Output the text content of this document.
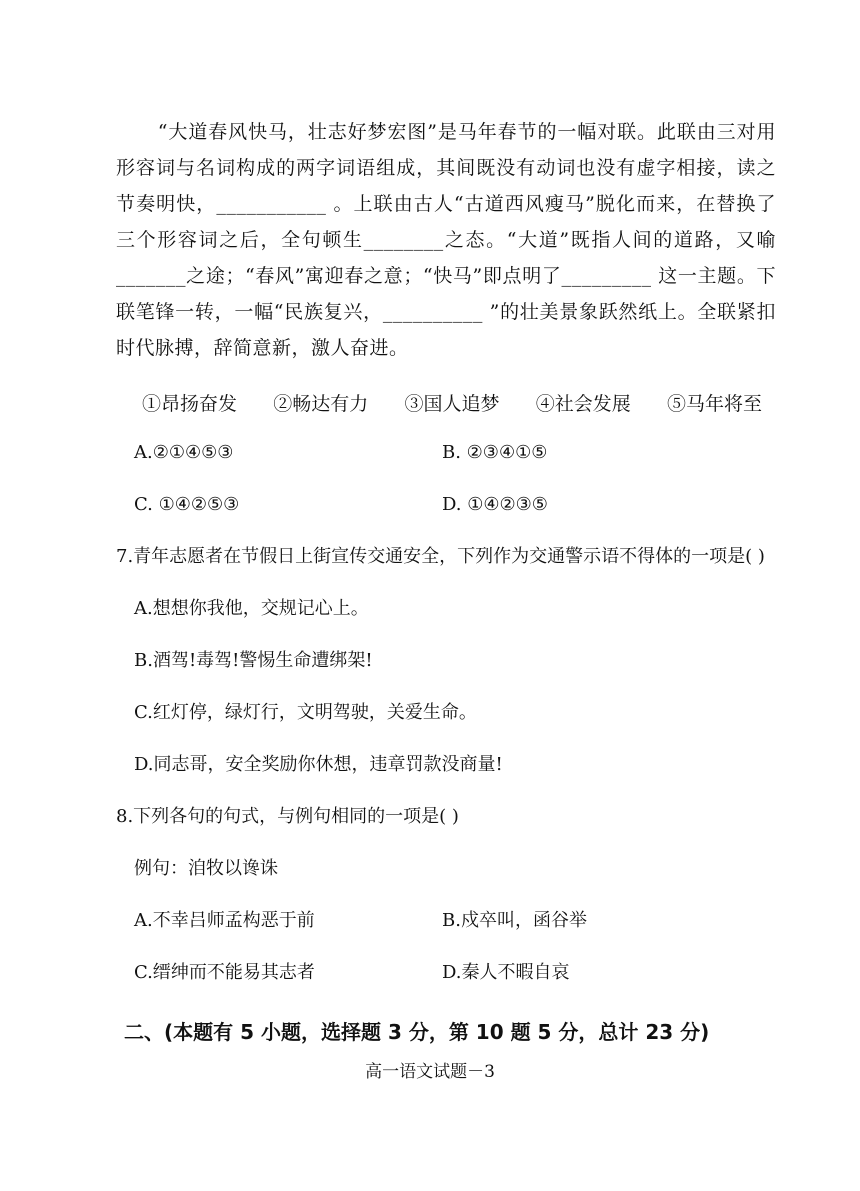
“大道春风快马，壮志好梦宏图”是马年春节的一幅对联。此联由三对用形容词与名词构成的两字词语组成，其间既没有动词也没有虚字相接，读之节奏明快，___________ 。上联由古人“古道西风瘦马”脱化而来，在替换了三个形容词之后，全句顿生________之态。“大道”既指人间的道路，又喻_______之途；“春风”寓迎春之意；“快马”即点明了_________ 这一主题。下联笔锋一转，一幅“民族复兴，__________ ”的壮美景象跃然纸上。全联紧扣时代脉搏，辞简意新，激人奋进。

①昂扬奋发 ②畅达有力 ③国人追梦 ④社会发展 ⑤马年将至
A.②①④⑤③	B. ②③④①⑤
C. ①④②⑤③	D. ①④②③⑤
7.青年志愿者在节假日上街宣传交通安全，下列作为交通警示语不得体的一项是( )
A.想想你我他，交规记心上。
B.酒驾!毒驾!警惕生命遭绑架!
C.红灯停，绿灯行，文明驾驶，关爱生命。
D.同志哥，安全奖励你休想，违章罚款没商量!
8.下列各句的句式，与例句相同的一项是( )
例句：洎牧以谗诛
A.不幸吕师孟构恶于前	B.戍卒叫，函谷举
C.缙绅而不能易其志者	D.秦人不暇自哀
二、(本题有 5 小题，选择题 3 分，第 10 题 5 分，总计 23 分)
高一语文试题－3
